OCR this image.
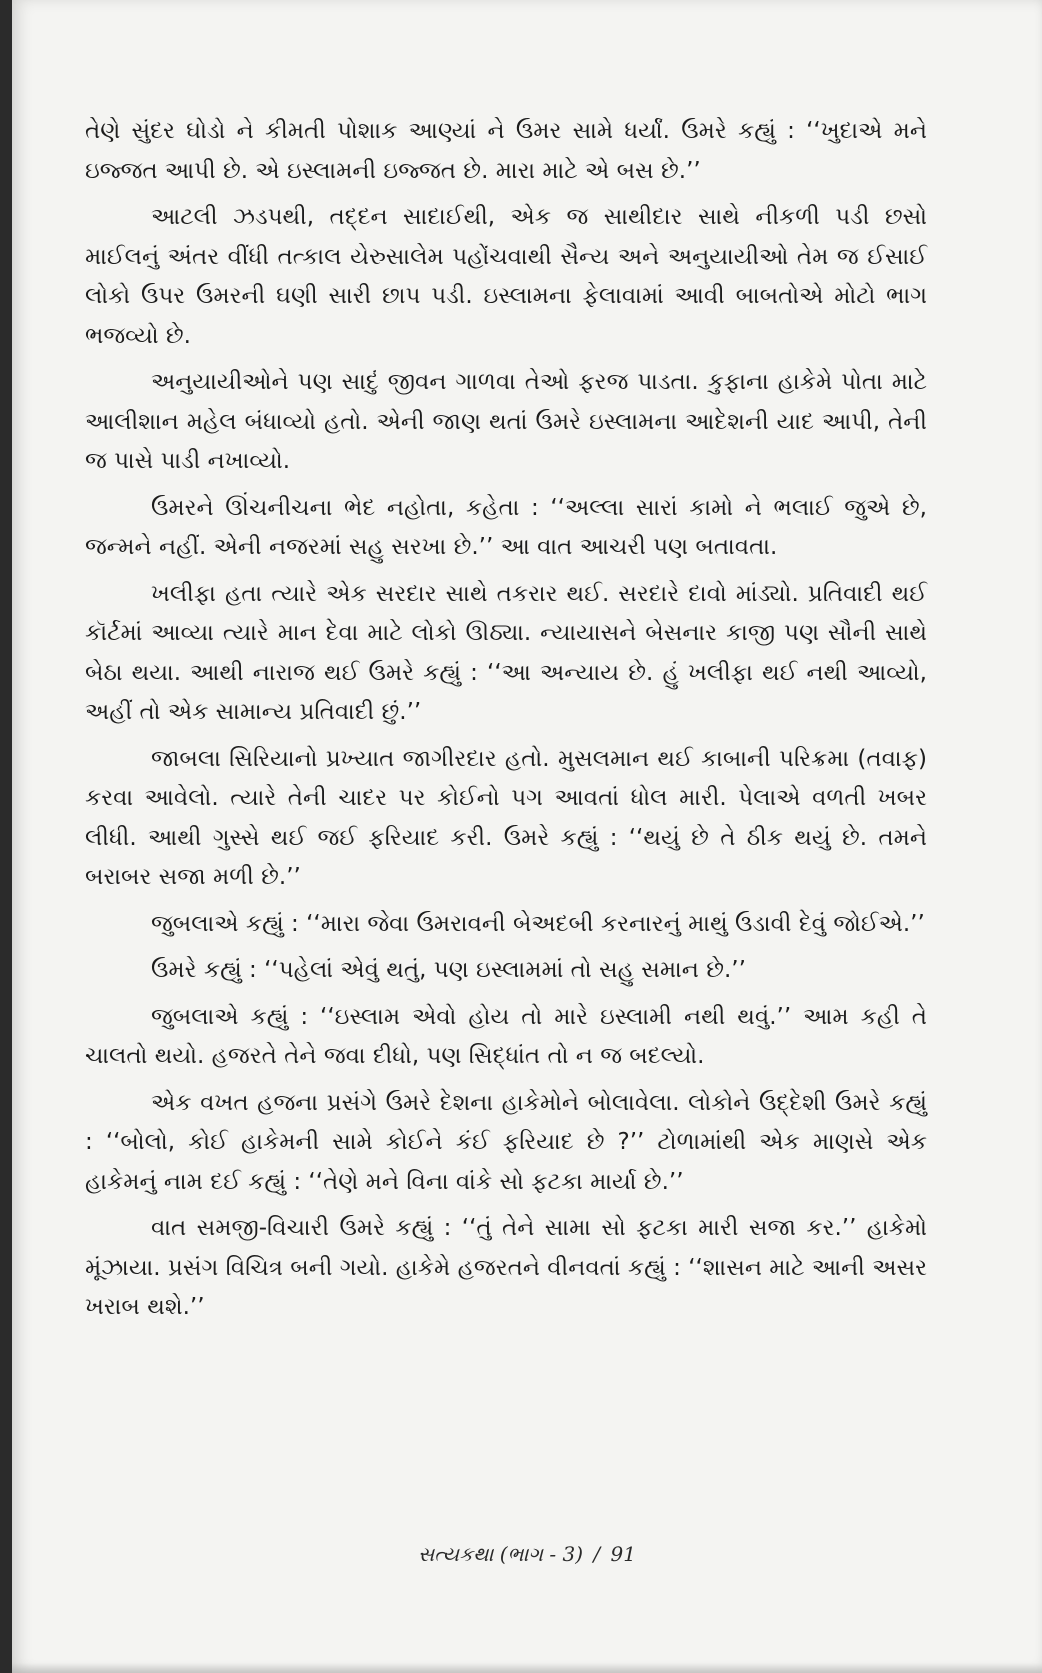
તેણે સુંદર ઘોડો ને કીમતી પોશાક આણ્યાં ને ઉમર સામે ધર્યાં. ઉમરે કહ્યું : ‘‘ખુદાએ મને ઇજ્જત આપી છે. એ ઇસ્લામની ઇજ્જત છે. મારા માટે એ બસ છે.’’

આટલી ઝડપથી, તદ્દન સાદાઈથી, એક જ સાથીદાર સાથે નીકળી પડી છસો માઈલનું અંતર વીંધી તત્કાલ યેરુસાલેમ પહોંચવાથી સૈન્ય અને અનુયાયીઓ તેમ જ ઈસાઈ લોકો ઉપર ઉમરની ઘણી સારી છાપ પડી. ઇસ્લામના ફેલાવામાં આવી બાબતોએ મોટો ભાગ ભજવ્યો છે.

અનુયાયીઓને પણ સાદું જીવન ગાળવા તેઓ ફરજ પાડતા. કુફાના હાકેમે પોતા માટે આલીશાન મહેલ બંધાવ્યો હતો. એની જાણ થતાં ઉમરે ઇસ્લામના આદેશની યાદ આપી, તેની જ પાસે પાડી નખાવ્યો.

ઉમરને ઊંચનીચના ભેદ નહોતા, કહેતા : ‘‘અલ્લા સારાં કામો ને ભલાઈ જુએ છે, જન્મને નહીં. એની નજરમાં સહુ સરખા છે.’’ આ વાત આચરી પણ બતાવતા.

ખલીફા હતા ત્યારે એક સરદાર સાથે તકરાર થઈ. સરદારે દાવો માંડ્યો. પ્રતિવાદી થઈ કૉર્ટમાં આવ્યા ત્યારે માન દેવા માટે લોકો ઊઠ્યા. ન્યાયાસને બેસનાર કાજી પણ સૌની સાથે બેઠા થયા. આથી નારાજ થઈ ઉમરે કહ્યું : ‘‘આ અન્યાય છે. હું ખલીફા થઈ નથી આવ્યો, અહીં તો એક સામાન્ય પ્રતિવાદી છું.’’

જાબલા સિરિયાનો પ્રખ્યાત જાગીરદાર હતો. મુસલમાન થઈ કાબાની પરિક્રમા (તવાફ) કરવા આવેલો. ત્યારે તેની ચાદર પર કોઈનો પગ આવતાં ધોલ મારી. પેલાએ વળતી ખબર લીધી. આથી ગુસ્સે થઈ જઈ ફરિયાદ કરી. ઉમરે કહ્યું : ‘‘થયું છે તે ઠીક થયું છે. તમને બરાબર સજા મળી છે.’’

જુબલાએ કહ્યું : ‘‘મારા જેવા ઉમરાવની બેઅદબી કરનારનું માથું ઉડાવી દેવું જોઈએ.’’

ઉમરે કહ્યું : ‘‘પહેલાં એવું થતું, પણ ઇસ્લામમાં તો સહુ સમાન છે.’’

જુબલાએ કહ્યું : ‘‘ઇસ્લામ એવો હોય તો મારે ઇસ્લામી નથી થવું.’’ આમ કહી તે ચાલતો થયો. હજરતે તેને જવા દીધો, પણ સિદ્ધાંત તો ન જ બદલ્યો.

એક વખત હજના પ્રસંગે ઉમરે દેશના હાકેમોને બોલાવેલા. લોકોને ઉદ્દેશી ઉમરે કહ્યું : ‘‘બોલો, કોઈ હાકેમની સામે કોઈને કંઈ ફરિયાદ છે ?’’ ટોળામાંથી એક માણસે એક હાકેમનું નામ દઈ કહ્યું : ‘‘તેણે મને વિના વાંકે સો ફટકા માર્યા છે.’’

વાત સમજી-વિચારી ઉમરે કહ્યું : ‘‘તું તેને સામા સો ફટકા મારી સજા કર.’’ હાકેમો મૂંઝાયા. પ્રસંગ વિચિત્ર બની ગયો. હાકેમે હજરતને વીનવતાં કહ્યું : ‘‘શાસન માટે આની અસર ખરાબ થશે.’’

સત્યકથા (ભાગ - 3) / 91
